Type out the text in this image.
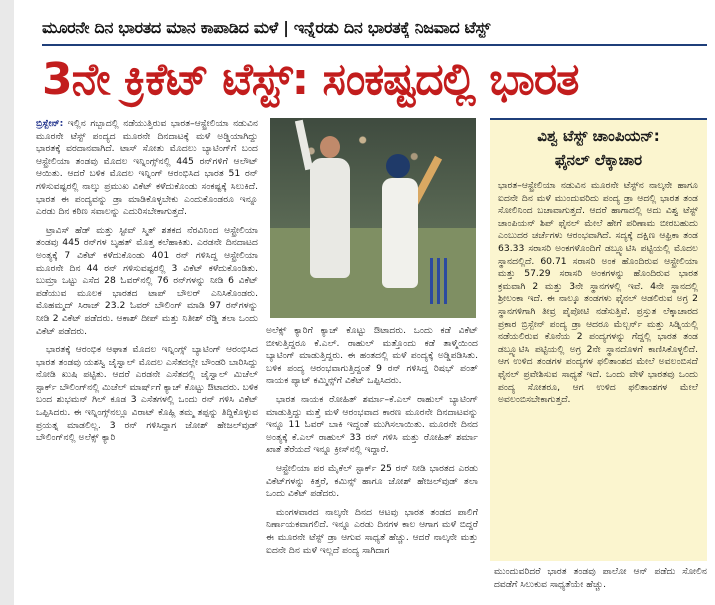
ಮೂರನೇ ದಿನ ಭಾರತದ ಮಾನ ಕಾಪಾಡಿದ ಮಳೆ | ಇನ್ನೆರಡು ದಿನ ಭಾರತಕ್ಕೆ ನಿಜವಾದ ಟೆಸ್ಟ್
3ನೇ ಕ್ರಿಕೆಟ್ ಟೆಸ್ಟ್: ಸಂಕಷ್ಟದಲ್ಲಿ ಭಾರತ

ಬ್ರಿಸ್ಬೇನ್: ಇಲ್ಲಿನ ಗಬ್ಬಾದಲ್ಲಿ ನಡೆಯುತ್ತಿರುವ ಭಾರತ–ಆಸ್ಟ್ರೇಲಿಯಾ ನಡುವಿನ ಮೂರನೇ ಟೆಸ್ಟ್ ಪಂದ್ಯದ ಮೂರನೇ ದಿನದಾಟಕ್ಕೆ ಮಳೆ ಅಡ್ಡಿಯಾಗಿದ್ದು ಭಾರತಕ್ಕೆ ವರದಾನವಾಗಿದೆ. ಟಾಸ್ ಸೋತು ಮೊದಲು ಬ್ಯಾಟಿಂಗ್‌ಗೆ ಬಂದ ಆಸ್ಟ್ರೇಲಿಯಾ ತಂಡವು ಮೊದಲ ಇನ್ನಿಂಗ್ಸ್‌ನಲ್ಲಿ 445 ರನ್‌ಗಳಿಗೆ ಆಲೌಟ್ ಆಯಿತು. ಆದರೆ ಬಳಿಕ ಮೊದಲ ಇನ್ನಿಂಗ್ ಆರಂಭಿಸಿದ ಭಾರತ 51 ರನ್ ಗಳಿಸುವಷ್ಟರಲ್ಲಿ ನಾಲ್ಕು ಪ್ರಮುಖ ವಿಕೆಟ್ ಕಳೆದುಕೊಂಡು ಸಂಕಷ್ಟಕ್ಕೆ ಸಿಲುಕಿದೆ. ಭಾರತ ಈ ಪಂದ್ಯವನ್ನು ಡ್ರಾ ಮಾಡಿಕೊಳ್ಳಬೇಕು ಎಂದುಕೊಂಡರೂ ಇನ್ನೂ ಎರಡು ದಿನ ಕಠಿಣ ಸವಾಲನ್ನು ಎದುರಿಸಬೇಕಾಗುತ್ತದೆ.

ಟ್ರಾವಿಸ್ ಹೆಡ್ ಮತ್ತು ಸ್ಟೀವ್ ಸ್ಮಿತ್ ಶತಕದ ನೆರವಿನಿಂದ ಆಸ್ಟ್ರೇಲಿಯಾ ತಂಡವು 445 ರನ್‌ಗಳ ಬೃಹತ್ ಮೊತ್ತ ಕಲೆಹಾಕಿತು. ಎರಡನೇ ದಿನದಾಟದ ಅಂತ್ಯಕ್ಕೆ 7 ವಿಕೆಟ್ ಕಳೆದುಕೊಂಡು 401 ರನ್ ಗಳಿಸಿದ್ದ ಆಸ್ಟ್ರೇಲಿಯಾ ಮೂರನೇ ದಿನ 44 ರನ್ ಗಳಿಸುವಷ್ಟರಲ್ಲಿ 3 ವಿಕೆಟ್ ಕಳೆದುಕೊಂಡಿತು. ಬುಮ್ರಾ ಒಟ್ಟು ಎಸೆದ 28 ಓವರ್‌ನಲ್ಲಿ 76 ರನ್‌ಗಳನ್ನು ನೀಡಿ 6 ವಿಕೆಟ್ ಪಡೆಯುವ ಮೂಲಕ ಭಾರತದ ಟಾಪ್ ಬೌಲರ್ ಎನಿಸಿಕೊಂಡರು. ಮೊಹಮ್ಮದ್ ಸಿರಾಜ್ 23.2 ಓವರ್ ಬೌಲಿಂಗ್ ಮಾಡಿ 97 ರನ್‌ಗಳನ್ನು ನೀಡಿ 2 ವಿಕೆಟ್ ಪಡೆದರು. ಆಕಾಶ್ ದೀಪ್ ಮತ್ತು ನಿತೀಶ್ ರೆಡ್ಡಿ ತಲಾ ಒಂದು ವಿಕೆಟ್ ಪಡೆದರು.

ಭಾರತಕ್ಕೆ ಆರಂಭಿಕ ಆಘಾತ ಮೊದಲ ಇನ್ನಿಂಗ್ಸ್ ಬ್ಯಾಟಿಂಗ್ ಆರಂಭಿಸಿದ ಭಾರತ ತಂಡವು ಯಶಸ್ವಿ ಜೈಸ್ವಾಲ್ ಮೊದಲ ಎಸೆತದಲ್ಲೇ ಬೌಂಡರಿ ಬಾರಿಸಿದ್ದು ನೋಡಿ ಖುಷಿ ಪಟ್ಟಿತು. ಆದರೆ ಎರಡನೇ ಎಸೆತದಲ್ಲಿ ಜೈಸ್ವಾಲ್ ಮಿಚೆಲ್ ಸ್ಟಾರ್ಕ್ ಬೌಲಿಂಗ್‌ನಲ್ಲಿ ಮಿಚೆಲ್ ಮಾರ್ಷ್‌ಗೆ ಕ್ಯಾಚ್ ಕೊಟ್ಟು ಔಟಾದರು. ಬಳಿಕ ಬಂದ ಶುಭಮನ್ ಗಿಲ್ ಕೂಡ 3 ಎಸೆತಗಳಲ್ಲಿ ಒಂದು ರನ್ ಗಳಿಸಿ ವಿಕೆಟ್ ಒಪ್ಪಿಸಿದರು. ಈ ಇನ್ನಿಂಗ್ಸ್‌ನಲ್ಲೂ ವಿರಾಟ್ ಕೊಹ್ಲಿ ತಮ್ಮ ತಪ್ಪನ್ನು ತಿದ್ದಿಕೊಳ್ಳುವ ಪ್ರಯತ್ನ ಮಾಡಲಿಲ್ಲ. 3 ರನ್ ಗಳಿಸಿದ್ದಾಗ ಜೋಶ್ ಹೇಜಲ್‌ವುಡ್ ಬೌಲಿಂಗ್‌ನಲ್ಲಿ ಅಲೆಕ್ಸ್ ಕ್ಯಾರಿ

ಅಲೆಕ್ಸ್ ಕ್ಯಾರಿಗೆ ಕ್ಯಾಚ್ ಕೊಟ್ಟು ಔಟಾದರು. ಒಂದು ಕಡೆ ವಿಕೆಟ್ ಬೀಳುತ್ತಿದ್ದರೂ ಕೆ.ಎಲ್. ರಾಹುಲ್ ಮತ್ತೊಂದು ಕಡೆ ತಾಳ್ಮೆಯಿಂದ ಬ್ಯಾಟಿಂಗ್ ಮಾಡುತ್ತಿದ್ದರು. ಈ ಹಂತದಲ್ಲಿ ಮಳೆ ಪಂದ್ಯಕ್ಕೆ ಅಡ್ಡಿಪಡಿಸಿತು. ಬಳಿಕ ಪಂದ್ಯ ಆರಂಭವಾಗುತ್ತಿದ್ದಂತೆ 9 ರನ್ ಗಳಿಸಿದ್ದ ರಿಷಭ್ ಪಂತ್ ನಾಯಕ ಪ್ಯಾಟ್ ಕಮ್ಮಿನ್ಸ್‌ಗೆ ವಿಕೆಟ್ ಒಪ್ಪಿಸಿದರು.

ಭಾರತ ನಾಯಕ ರೋಹಿತ್ ಶರ್ಮಾ–ಕೆ.ಎಲ್ ರಾಹುಲ್ ಬ್ಯಾಟಿಂಗ್ ಮಾಡುತ್ತಿದ್ದು ಮತ್ತೆ ಮಳೆ ಆರಂಭವಾದ ಕಾರಣ ಮೂರನೇ ದಿನದಾಟವನ್ನು ಇನ್ನೂ 11 ಓವರ್ ಬಾಕಿ ಇದ್ದಂತೆ ಮುಗಿಸಲಾಯಿತು. ಮೂರನೇ ದಿನದ ಅಂತ್ಯಕ್ಕೆ ಕೆ.ಎಲ್ ರಾಹುಲ್ 33 ರನ್ ಗಳಿಸಿ ಮತ್ತು ರೋಹಿತ್ ಶರ್ಮಾ ಖಾತೆ ತೆರೆಯದೆ ಇನ್ನೂ ಕ್ರೀಸ್‌ನಲ್ಲಿ ಇದ್ದಾರೆ.

ಆಸ್ಟ್ರೇಲಿಯಾ ಪರ ಮೈಕೆಲ್ ಸ್ಟಾರ್ಕ್ 25 ರನ್ ನೀಡಿ ಭಾರತದ ಎರಡು ವಿಕೆಟ್‌ಗಳನ್ನು ಕಿತ್ತರೆ, ಕಮಿನ್ಸ್ ಹಾಗೂ ಜೋಶ್ ಹೇಜಲ್‌ವುಡ್ ತಲಾ ಒಂದು ವಿಕೆಟ್ ಪಡೆದರು.

ಮಂಗಳವಾರದ ನಾಲ್ಕನೇ ದಿನದ ಆಟವು ಭಾರತ ತಂಡದ ಪಾಲಿಗೆ ನಿರ್ಣಾಯಕವಾಗಲಿದೆ. ಇನ್ನೂ ಎರಡು ದಿನಗಳ ಕಾಲ ಆಗಾಗ ಮಳೆ ಬಿದ್ದರೆ ಈ ಮೂರನೇ ಟೆಸ್ಟ್ ಡ್ರಾ ಆಗುವ ಸಾಧ್ಯತೆ ಹೆಚ್ಚು. ಆದರೆ ನಾಲ್ಕನೇ ಮತ್ತು ಐದನೇ ದಿನ ಮಳೆ ಇಲ್ಲದೆ ಪಂದ್ಯ ಸಾಗಿದಾಗ

ವಿಶ್ವ ಟೆಸ್ಟ್ ಚಾಂಪಿಯನ್:
ಫೈನಲ್ ಲೆಕ್ಕಾಚಾರ

ಭಾರತ–ಆಸ್ಟ್ರೇಲಿಯಾ ನಡುವಿನ ಮೂರನೇ ಟೆಸ್ಟ್‌ನ ನಾಲ್ಕನೇ ಹಾಗೂ ಐದನೇ ದಿನ ಮಳೆ ಮುಂದುವರಿದು ಪಂದ್ಯ ಡ್ರಾ ಆದಲ್ಲಿ ಭಾರತ ತಂಡ ಸೋಲಿನಿಂದ ಬಚಾವಾಗುತ್ತದೆ. ಆದರೆ ಹಾಗಾದಲ್ಲಿ ಅದು ವಿಶ್ವ ಟೆಸ್ಟ್ ಚಾಂಪಿಯನ್ ಶಿಪ್ ಫೈನಲ್ ಮೇಲೆ ಹೇಗೆ ಪರಿಣಾಮ ಬೀರಬಹುದು ಎಂಬುದರ ಚರ್ಚೆಗಳು ಆರಂಭವಾಗಿದೆ. ಸದ್ಯಕ್ಕೆ ದಕ್ಷಿಣ ಆಫ್ರಿಕಾ ತಂಡ 63.33 ಸರಾಸರಿ ಅಂಕಗಳೊಂದಿಗೆ ಡಬ್ಲ್ಯೂಟಿಸಿ ಪಟ್ಟಿಯಲ್ಲಿ ಮೊದಲ ಸ್ಥಾನದಲ್ಲಿದೆ. 60.71 ಸರಾಸರಿ ಅಂಕ ಹೊಂದಿರುವ ಆಸ್ಟ್ರೇಲಿಯಾ ಮತ್ತು 57.29 ಸರಾಸರಿ ಅಂಕಗಳನ್ನು ಹೊಂದಿರುವ ಭಾರತ ಕ್ರಮವಾಗಿ 2 ಮತ್ತು 3ನೇ ಸ್ಥಾನಗಳಲ್ಲಿ ಇವೆ. 4ನೇ ಸ್ಥಾನದಲ್ಲಿ ಶ್ರೀಲಂಕಾ ಇದೆ. ಈ ನಾಲ್ಕೂ ತಂಡಗಳು ಫೈನಲ್ ಆಡಲಿರುವ ಅಗ್ರ 2 ಸ್ಥಾನಗಳಿಗಾಗಿ ತೀವ್ರ ಪೈಪೋಟಿ ನಡೆಸುತ್ತಿವೆ. ಪ್ರಸ್ತುತ ಲೆಕ್ಕಾಚಾರದ ಪ್ರಕಾರ ಬ್ರಿಸ್ಬೇನ್ ಪಂದ್ಯ ಡ್ರಾ ಆದರೂ ಮೆಲ್ಬರ್ನ್ ಮತ್ತು ಸಿಡ್ನಿಯಲ್ಲಿ ನಡೆಯಲಿರುವ ಕೊನೆಯ 2 ಪಂದ್ಯಗಳನ್ನು ಗೆದ್ದಲ್ಲಿ ಭಾರತ ತಂಡ ಡಬ್ಲ್ಯೂಟಿಸಿ ಪಟ್ಟಿಯಲ್ಲಿ ಅಗ್ರ 2ನೇ ಸ್ಥಾನದೊಳಗೆ ಕಾಣಿಸಿಕೊಳ್ಳಲಿದೆ. ಆಗ ಉಳಿದ ತಂಡಗಳ ಪಂದ್ಯಗಳ ಫಲಿತಾಂಶದ ಮೇಲೆ ಅವಲಂಬಿಸದೆ ಫೈನಲ್ ಪ್ರವೇಶಿಸುವ ಸಾಧ್ಯತೆ ಇದೆ. ಒಂದು ವೇಳೆ ಭಾರತವು ಒಂದು ಪಂದ್ಯ ಸೋತರೂ, ಆಗ ಉಳಿದ ಫಲಿತಾಂಶಗಳ ಮೇಲೆ ಅವಲಂಬಿಸಬೇಕಾಗುತ್ತದೆ.

ಮುಂದುವರಿದರೆ ಭಾರತ ತಂಡವು ಪಾಲೋ ಆನ್ ಪಡೆದು ಸೋಲಿನ ದವಡೆಗೆ ಸಿಲುಕುವ ಸಾಧ್ಯತೆಯೇ ಹೆಚ್ಚು.
